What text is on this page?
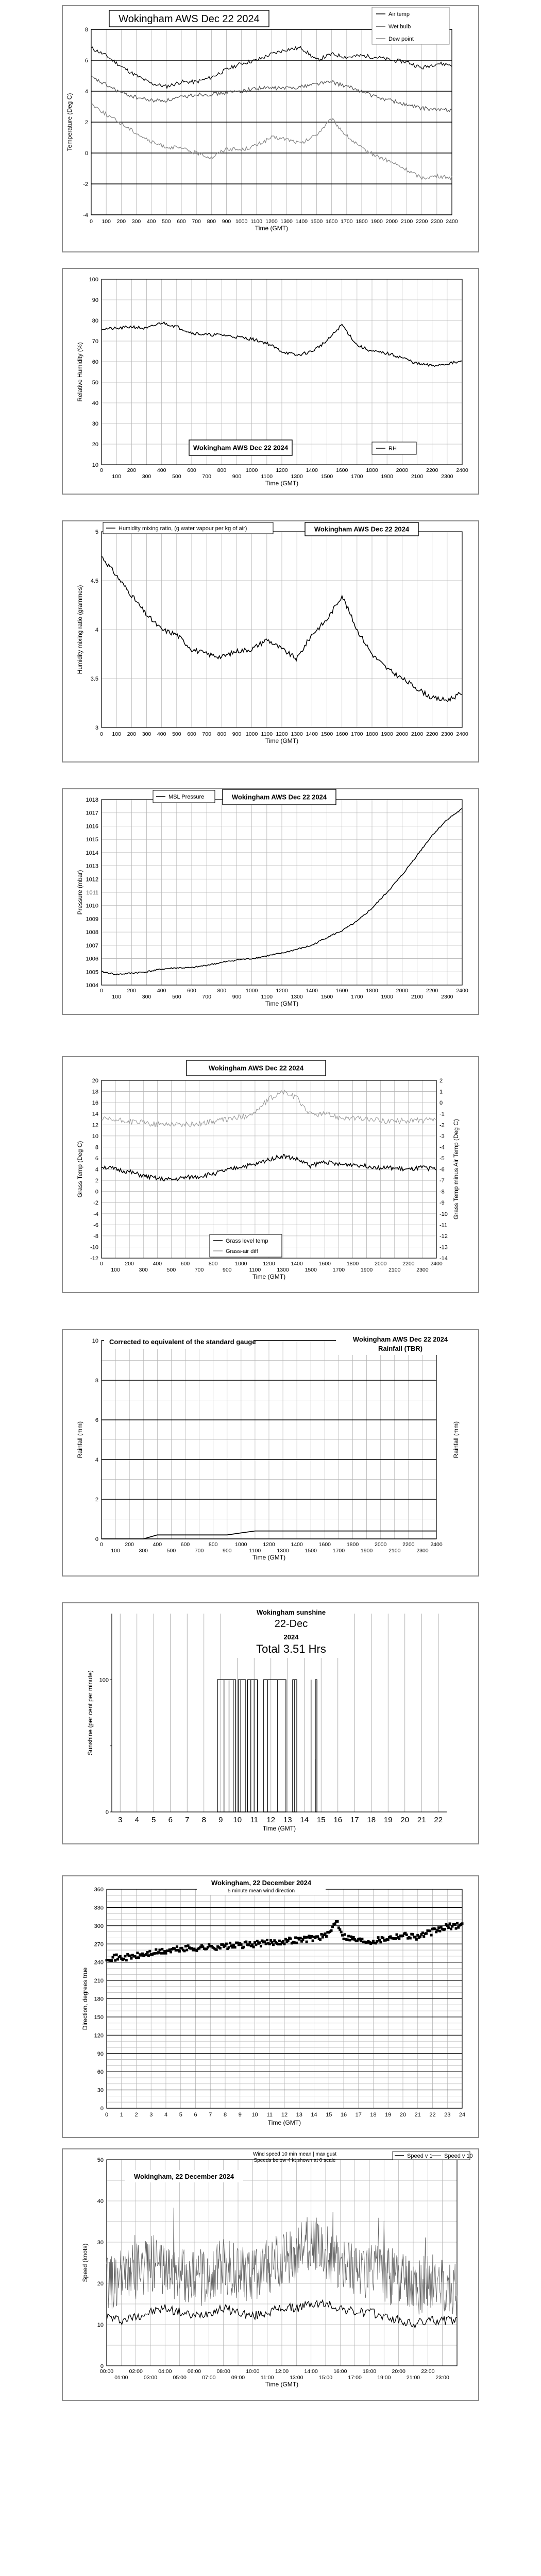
-4
-2
0
2
4
6
8
0 100 200 300 400 500 600 700 800 900 1000 1100 1200 1300 1400 1500 1600 1700 1800 1900 2000 2100 2200 2300 2400
Temperature (Deg C)
Time (GMT)
Wokingham AWS Dec 22 2024	Air temp
Wet bulb
Dew point
10
20
30
40
50
60
70
80
90
100
0	200	400	600	800	1000	1200	1400	1600	1800	2000	2200	2400
100	300	500	700	900	1100	1300	1500	1700	1900	2100	2300
Relative Humidity (%)
Time (GMT)
Wokingham AWS Dec 22 2024	RH
3
3.5
4
4.5
5
0 100 200 300 400 500 600 700 800 900 1000 1100 1200 1300 1400 1500 1600 1700 1800 1900 2000 2100 2200 2300 2400
Humidity mixing ratio (grammes)
Time (GMT)
Humidity mixing ratio, (g water vapour per kg of air)	Wokingham AWS Dec 22 2024
1004
1005
1006
1007
1008
1009
1010
1011
1012
1013
1014
1015
1016
1017
1018
0	200	400	600	800	1000	1200	1400	1600	1800	2000	2200	2400
100	300	500	700	900	1100	1300	1500	1700	1900	2100	2300
Pressure (mbar)
Time (GMT)
MSL Pressure	Wokingham AWS Dec 22 2024
-12
-10
-8
-6
-4
-2
0
2
4
6
8
10
12
14
16
18
20
-14
-13
-12
-11
-10
-9
-8
-7
-6
-5
-4
-3
-2
-1
0
1
2
0	200	400	600	800	1000	1200	1400	1600	1800	2000	2200	2400
100	300	500	700	900	1100	1300	1500	1700	1900	2100	2300
Grass Temp (Deg C)	Grass Temp minus Air Temp (Deg C)
Time (GMT)
Wokingham AWS Dec 22 2024
Grass level temp
Grass-air diff
0
2
4
6
8
10
0	200	400	600	800	1000	1200	1400	1600	1800	2000	2200	2400
100	300	500	700	900	1100	1300	1500	1700	1900	2100	2300
Rainfall (mm)	Rainfall (mm)
Time (GMT)
Corrected to equivalent of the standard gauge	Wokingham AWS Dec 22 2024
Rainfall (TBR)
0
100
3 4 5 6 7 8 9 10 11 12 13 14 15 16 17 18 19 20 21 22
Sunshine (per cent per minute)
Time (GMT)
Wokingham sunshine
22-Dec
2024
Total 3.51 Hrs
0
30
60
90
120
150
180
210
240
270
300
330
360
0 1 2 3 4 5 6 7 8 9 10 11 12 13 14 15 16 17 18 19 20 21 22 23 24
Direction, degrees true
Time (GMT)
Wokingham, 22 December 2024
5 minute mean wind direction
0
10
20
30
40
50
00:00	02:00	04:00	06:00	08:00	10:00	12:00	14:00	16:00	18:00	20:00	22:00
01:00	03:00	05:00	07:00	09:00	11:00	13:00	15:00	17:00	19:00	21:00	23:00
Speed (knots)
Time (GMT)
Wokingham, 22 December 2024
Wind speed 10 min mean | max gust
Speeds below 4 kt shown at 0 scale
Speed v 1 Speed v 10
